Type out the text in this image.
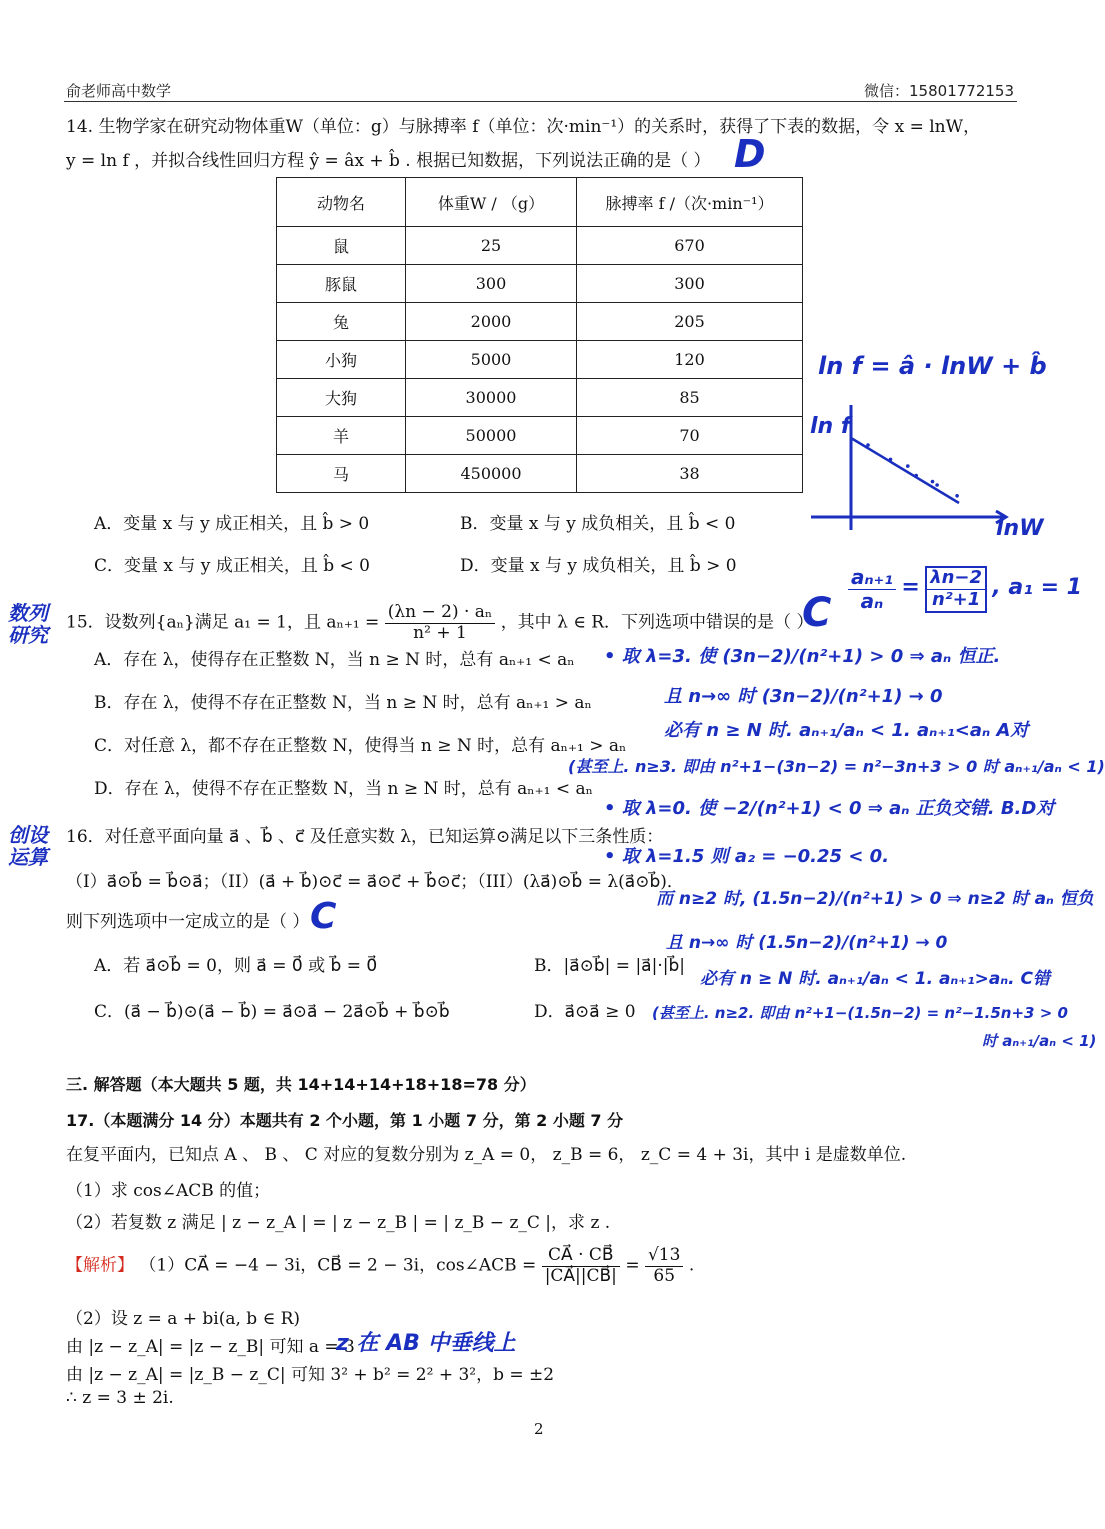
俞老师高中数学	微信：15801772153
14. 生物学家在研究动物体重W（单位：g）与脉搏率 f（单位：次·min⁻¹）的关系时，获得了下表的数据，令 x = lnW，
y = ln f ，并拟合线性回归方程 ŷ = âx + b̂ . 根据已知数据，下列说法正确的是（ ）
动物名	体重W / （g）	脉搏率 f /（次·min⁻¹）
鼠	25	670
豚鼠	300	300
兔	2000	205
小狗	5000	120
大狗	30000	85
羊	50000	70
马	450000	38
A．变量 x 与 y 成正相关，且 b̂ > 0	B．变量 x 与 y 成负相关，且 b̂ < 0
C．变量 x 与 y 成正相关，且 b̂ < 0	D．变量 x 与 y 成负相关，且 b̂ > 0
15．设数列{aₙ}满足 a₁ = 1，且 $a_{n+1} = \frac{\text{(λn − 2) · aₙ}}{\text{n² + 1}}$ ，其中 λ ∈ R．下列选项中错误的是（ ）
A．存在 λ，使得存在正整数 N，当 n ≥ N 时，总有 aₙ₊₁ < aₙ
B．存在 λ，使得不存在正整数 N，当 n ≥ N 时，总有 aₙ₊₁ > aₙ
C．对任意 λ，都不存在正整数 N，使得当 n ≥ N 时，总有 aₙ₊₁ > aₙ
D．存在 λ，使得不存在正整数 N，当 n ≥ N 时，总有 aₙ₊₁ < aₙ
16．对任意平面向量 a⃗ 、b⃗ 、c⃗ 及任意实数 λ，已知运算⊙满足以下三条性质：
（I）a⃗⊙b⃗ = b⃗⊙a⃗；（II）(a⃗ + b⃗)⊙c⃗ = a⃗⊙c⃗ + b⃗⊙c⃗；（III）(λa⃗)⊙b⃗ = λ(a⃗⊙b⃗)．
则下列选项中一定成立的是（ ）
A．若 a⃗⊙b⃗ = 0，则 a⃗ = 0⃗ 或 b⃗ = 0⃗	B．|a⃗⊙b⃗| = |a⃗|·|b⃗|
C．(a⃗ − b⃗)⊙(a⃗ − b⃗) = a⃗⊙a⃗ − 2a⃗⊙b⃗ + b⃗⊙b⃗	D．a⃗⊙a⃗ ≥ 0
三. 解答题（本大题共 5 题，共 14+14+14+18+18=78 分）
17.（本题满分 14 分）本题共有 2 个小题，第 1 小题 7 分，第 2 小题 7 分
在复平面内，已知点 A 、 B 、 C 对应的复数分别为 z_A = 0， z_B = 6， z_C = 4 + 3i，其中 i 是虚数单位.
（1）求 cos∠ACB 的值；
（2）若复数 z 满足 | z − z_A | = | z − z_B | = | z_B − z_C |，求 z .
【解析】 （1）CA⃗ = −4 − 3i，CB⃗ = 2 − 3i，cos∠ACB = $\frac{CA⃗ \cdot CB⃗}{|CA⃗||CB⃗|} = \frac{√13}{65}$ .
（2）设 z = a + bi(a, b ∈ R)
由 |z − z_A| = |z − z_B| 可知 a = 3
由 |z − z_A| = |z_B − z_C| 可知 3² + b² = 2² + 3²，b = ±2
∴ z = 3 ± 2i.
2
D
ln f = â · lnW + b̂
ln f
lnW
数列 研究	C $\frac{\text{aₙ₊₁}}{\text{aₙ}} = \frac{\lambda n-2}{\text{n²+1}}$ , a₁ = 1
• 取 λ=3. 使 (3n−2)/(n²+1) > 0 ⇒ aₙ 恒正.
且 n→∞ 时 (3n−2)/(n²+1) → 0
必有 n ≥ N 时. aₙ₊₁/aₙ < 1. aₙ₊₁<aₙ A对
(甚至上. n≥3. 即由 n²+1−(3n−2) = n²−3n+3 > 0 时 aₙ₊₁/aₙ < 1)
• 取 λ=0. 使 −2/(n²+1) < 0 ⇒ aₙ 正负交错. B.D对
创设 运算
C
• 取 λ=1.5 则 a₂ = −0.25 < 0.
而 n≥2 时, (1.5n−2)/(n²+1) > 0 ⇒ n≥2 时 aₙ 恒负
且 n→∞ 时 (1.5n−2)/(n²+1) → 0
必有 n ≥ N 时. aₙ₊₁/aₙ < 1. aₙ₊₁>aₙ. C错
(甚至上. n≥2. 即由 n²+1−(1.5n−2) = n²−1.5n+3 > 0
时 aₙ₊₁/aₙ < 1)
z 在 AB 中垂线上
